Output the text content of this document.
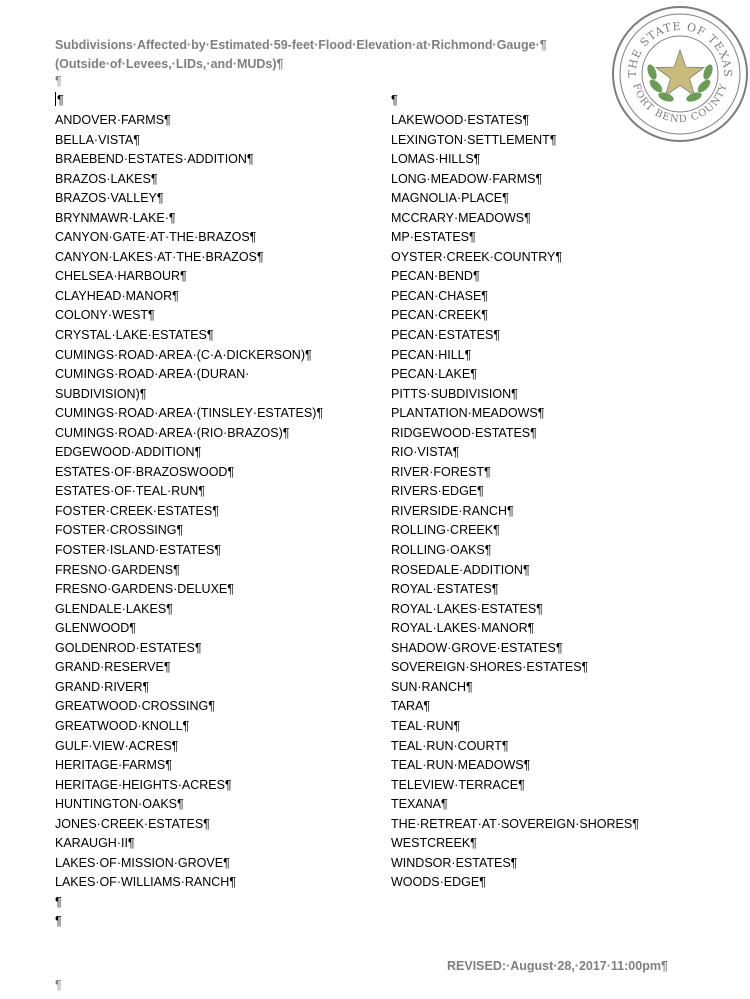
Subdivisions·Affected·by·Estimated·59-feet·Flood·Elevation·at·Richmond·Gauge·¶
(Outside·of·Levees,·LIDs,·and·MUDs)¶
¶
¶	¶
ANDOVER·FARMS¶
BELLA·VISTA¶
BRAEBEND·ESTATES·ADDITION¶
BRAZOS·LAKES¶
BRAZOS·VALLEY¶
BRYNMAWR·LAKE·¶
CANYON·GATE·AT·THE·BRAZOS¶
CANYON·LAKES·AT·THE·BRAZOS¶
CHELSEA·HARBOUR¶
CLAYHEAD·MANOR¶
COLONY·WEST¶
CRYSTAL·LAKE·ESTATES¶
CUMINGS·ROAD·AREA·(C·A·DICKERSON)¶
CUMINGS·ROAD·AREA·(DURAN· SUBDIVISION)¶
CUMINGS·ROAD·AREA·(TINSLEY·ESTATES)¶
CUMINGS·ROAD·AREA·(RIO·BRAZOS)¶
EDGEWOOD·ADDITION¶
ESTATES·OF·BRAZOSWOOD¶
ESTATES·OF·TEAL·RUN¶
FOSTER·CREEK·ESTATES¶
FOSTER·CROSSING¶
FOSTER·ISLAND·ESTATES¶
FRESNO·GARDENS¶
FRESNO·GARDENS·DELUXE¶
GLENDALE·LAKES¶
GLENWOOD¶
GOLDENROD·ESTATES¶
GRAND·RESERVE¶
GRAND·RIVER¶
GREATWOOD·CROSSING¶
GREATWOOD·KNOLL¶
GULF·VIEW·ACRES¶
HERITAGE·FARMS¶
HERITAGE·HEIGHTS·ACRES¶
HUNTINGTON·OAKS¶
JONES·CREEK·ESTATES¶
KARAUGH·II¶
LAKES·OF·MISSION·GROVE¶
LAKES·OF·WILLIAMS·RANCH¶
¶
¶
LAKEWOOD·ESTATES¶
LEXINGTON·SETTLEMENT¶
LOMAS·HILLS¶
LONG·MEADOW·FARMS¶
MAGNOLIA·PLACE¶
MCCRARY·MEADOWS¶
MP·ESTATES¶
OYSTER·CREEK·COUNTRY¶
PECAN·BEND¶
PECAN·CHASE¶
PECAN·CREEK¶
PECAN·ESTATES¶
PECAN·HILL¶
PECAN·LAKE¶
PITTS·SUBDIVISION¶
PLANTATION·MEADOWS¶
RIDGEWOOD·ESTATES¶
RIO·VISTA¶
RIVER·FOREST¶
RIVERS·EDGE¶
RIVERSIDE·RANCH¶
ROLLING·CREEK¶
ROLLING·OAKS¶
ROSEDALE·ADDITION¶
ROYAL·ESTATES¶
ROYAL·LAKES·ESTATES¶
ROYAL·LAKES·MANOR¶
SHADOW·GROVE·ESTATES¶
SOVEREIGN·SHORES·ESTATES¶
SUN·RANCH¶
TARA¶
TEAL·RUN¶
TEAL·RUN·COURT¶
TEAL·RUN·MEADOWS¶
TELEVIEW·TERRACE¶
TEXANA¶
THE·RETREAT·AT·SOVEREIGN·SHORES¶
WESTCREEK¶
WINDSOR·ESTATES¶
WOODS·EDGE¶
¶
REVISED:·August·28,·2017·11:00pm¶
THE STATE OF TEXAS
FORT BEND COUNTY
